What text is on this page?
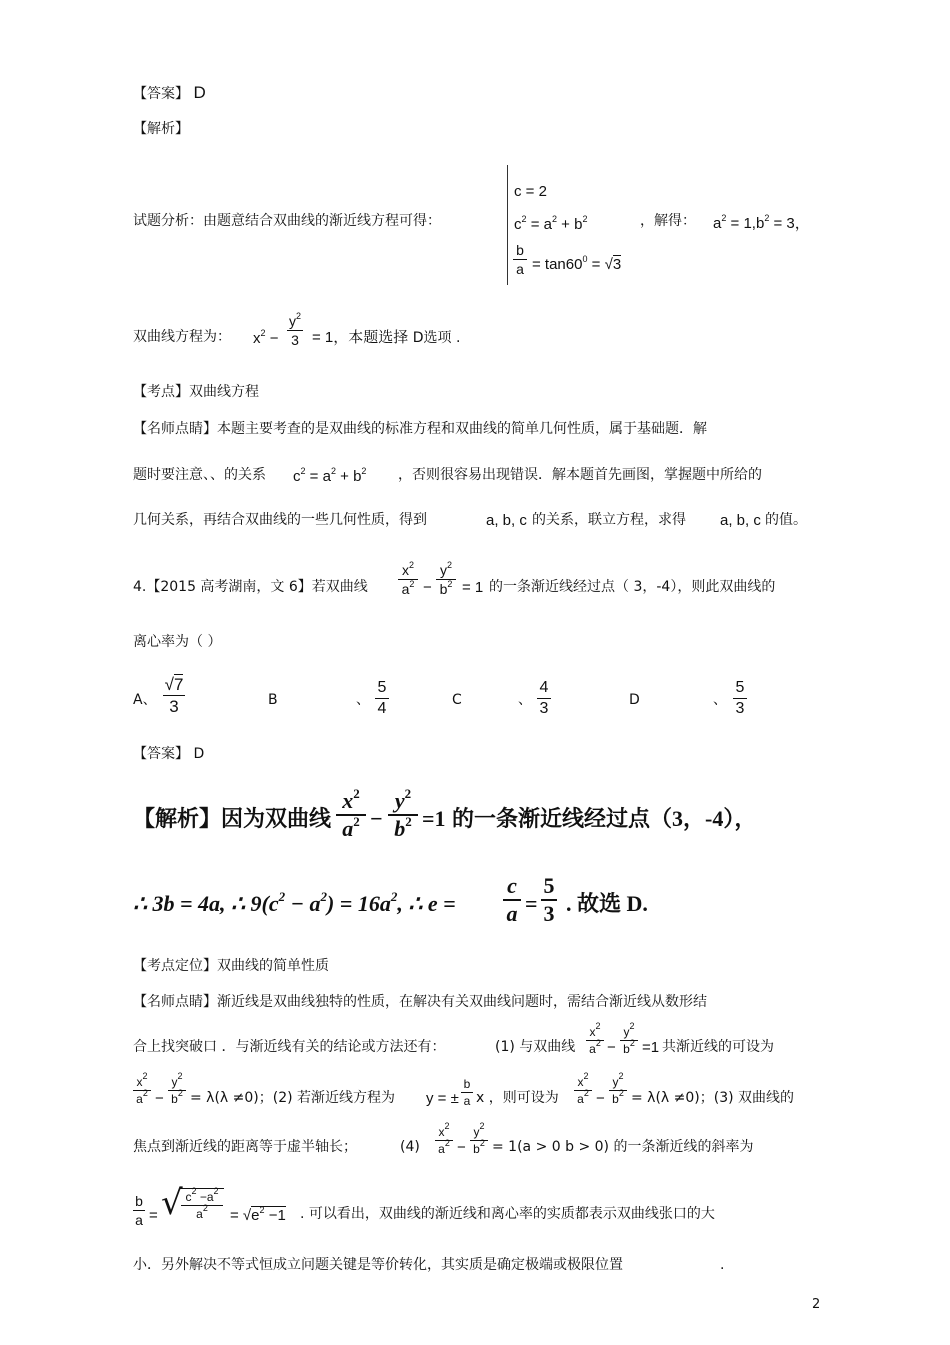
【答案】 D
【解析】
试题分析：由题意结合双曲线的渐近线方程可得：
c = 2
$c^2 = a^2 + b^2$
b
$a = \tan 60^0 = √3$
，解得： $a^2 = 1,b^2 = 3$，
双曲线方程为： $x^2$ −
$y^2$
3 = 1，本题选择 D选项 .
【考点】双曲线方程
【名师点睛】本题主要考查的是双曲线的标准方程和双曲线的简单几何性质，属于基础题．解
题时要注意、、的关系 $c^2 = a^2 + b^2$ ，否则很容易出现错误．解本题首先画图，掌握题中所给的
几何关系，再结合双曲线的一些几何性质，得到	a, b, c 的关系，联立方程，求得 a, b, c 的值。
4.【2015 高考湖南，文 6】若双曲线
$x^2$
$a^2$ −
$y^2$
$b^2 = 1$ 的一条渐近线经过点（ 3，-4），则此双曲线的
离心率为（ ）
A、
√7
3	B	、
5
4	C	、
4
3	D	、
5
3
【答案】 D
【解析】因为双曲线
$x^2$
$a^2$ −
$y^2$
$b^2 =1$ 的一条渐近线经过点（3，-4），
∴ 3b = 4a, ∴ $9(c^2 - a^2) = 16a^2$, ∴ e =
c
a =
5
3 . 故选 D.
【考点定位】双曲线的简单性质
【名师点睛】渐近线是双曲线独特的性质，在解决有关双曲线问题时，需结合渐近线从数形结
合上找突破口 ．与渐近线有关的结论或方法还有：	(1) 与双曲线
$x^2$
$a^2$ −
$y^2$
$b^2 =1$ 共渐近线的可设为
$x^2$
$a^2$ −
$y^2$
$b^2 = \lambda(\lambda \ne 0)$；(2) 若渐近线方程为 y = ±
b
a x ，则可设为
$x^2$
$a^2$ −
$y^2$
$b^2 = \lambda(\lambda \ne 0)$；(3) 双曲线的
焦点到渐近线的距离等于虚半轴长；	(4)
$x^2$
$a^2$ −
$y^2$
$b^2 = 1(a > 0$ b > 0) 的一条渐近线的斜率为
b
a = √ $c^2 -a^2$
$a^2$	= $√e^2 -1$ . 可以看出，双曲线的渐近线和离心率的实质都表示双曲线张口的大
小．另外解决不等式恒成立问题关键是等价转化，其实质是确定极端或极限位置	.
2
